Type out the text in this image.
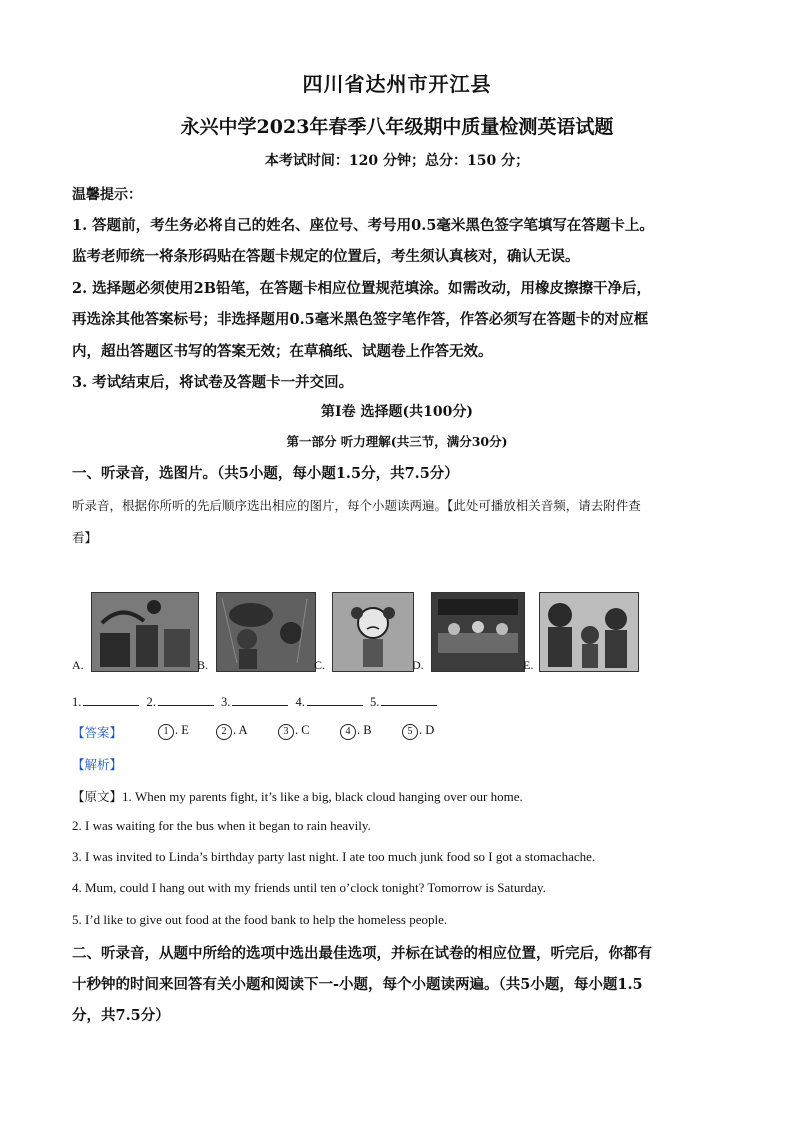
四川省达州市开江县
永兴中学2023年春季八年级期中质量检测英语试题
本考试时间：120 分钟；总分：150 分；
温馨提示：
1. 答题前，考生务必将自己的姓名、座位号、考号用0.5毫米黑色签字笔填写在答题卡上。
监考老师统一将条形码贴在答题卡规定的位置后，考生须认真核对，确认无误。
2. 选择题必须使用2B铅笔，在答题卡相应位置规范填涂。如需改动，用橡皮擦擦干净后，
再选涂其他答案标号；非选择题用0.5毫米黑色签字笔作答，作答必须写在答题卡的对应框
内，超出答题区书写的答案无效；在草稿纸、试题卷上作答无效。
3. 考试结束后，将试卷及答题卡一并交回。
第Ⅰ卷 选择题(共100分)
第一部分 听力理解(共三节，满分30分)
一、听录音，选图片。（共5小题，每小题1.5分，共7.5分）
听录音，根据你所听的先后顺序选出相应的图片，每个小题读两遍。【此处可播放相关音频，请去附件查
看】
A.	B.	C.	D.	E.
1.	2.	3.	4.	5.
【答案】	1 . E	2 . A	3 . C	4 . B	5 . D
【解析】
【原文】1. When my parents fight, it’s like a big, black cloud hanging over our home.
2. I was waiting for the bus when it began to rain heavily.
3. I was invited to Linda’s birthday party last night. I ate too much junk food so I got a stomachache.
4. Mum, could I hang out with my friends until ten o’clock tonight? Tomorrow is Saturday.
5. I’d like to give out food at the food bank to help the homeless people.
二、听录音，从题中所给的选项中选出最佳选项，并标在试卷的相应位置，听完后，你都有
十秒钟的时间来回答有关小题和阅读下一-小题，每个小题读两遍。（共5小题，每小题1.5
分，共7.5分）
